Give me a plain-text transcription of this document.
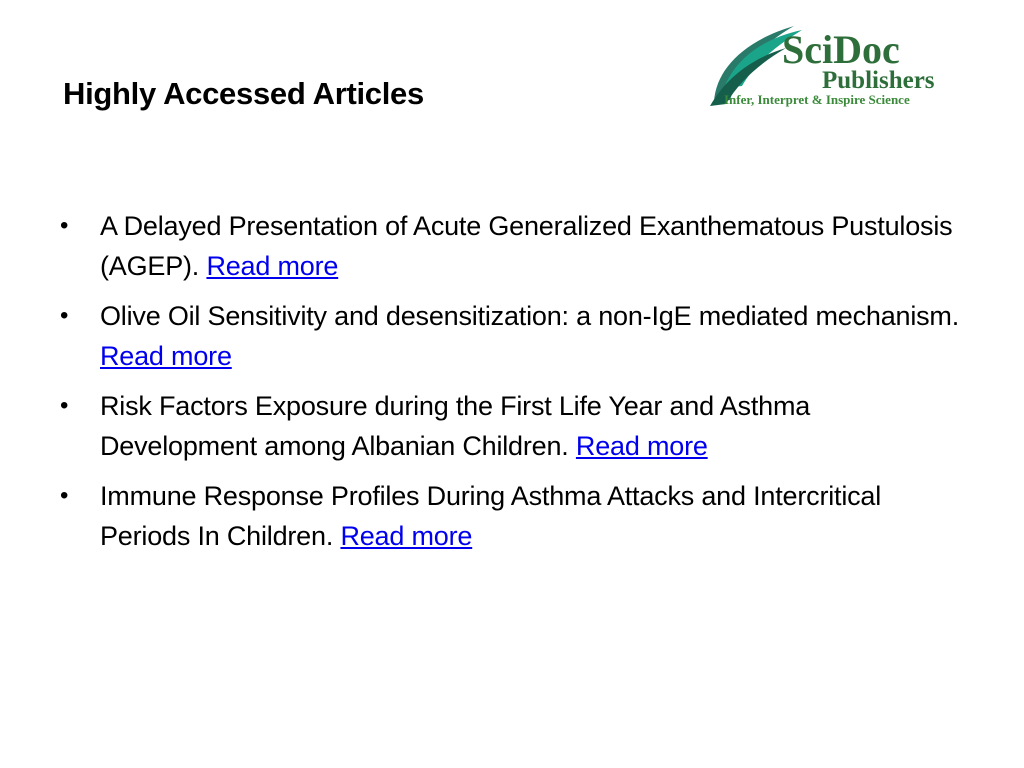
Highly Accessed Articles
SciDoc
Publishers
Infer, Interpret & Inspire Science
• A Delayed Presentation of Acute Generalized Exanthematous Pustulosis (AGEP). Read more
• Olive Oil Sensitivity and desensitization: a non-IgE mediated mechanism. Read more
• Risk Factors Exposure during the First Life Year and Asthma Development among Albanian Children. Read more
• Immune Response Profiles During Asthma Attacks and Intercritical Periods In Children. Read more
